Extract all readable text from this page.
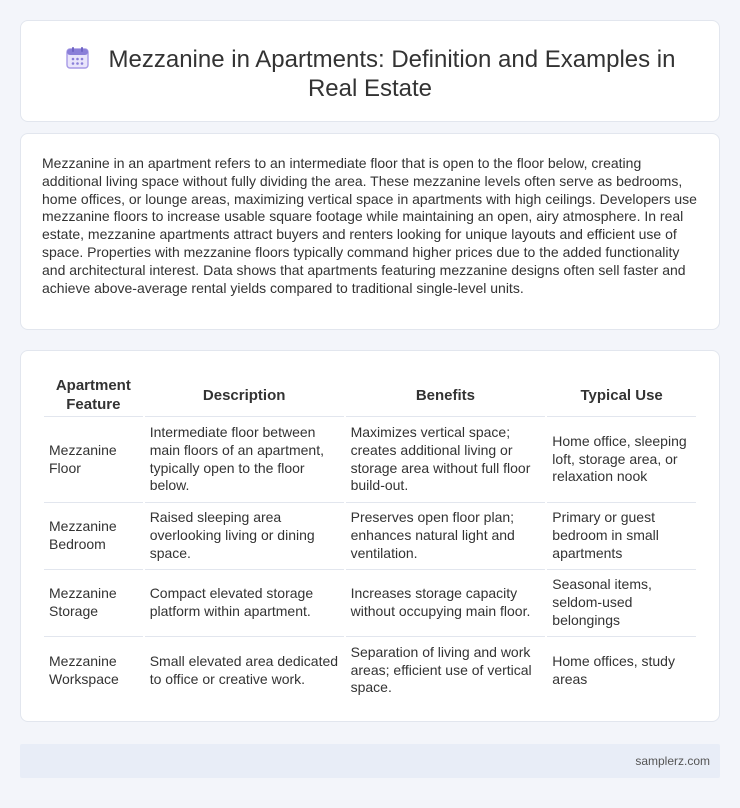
Mezzanine in Apartments: Definition and Examples in Real Estate

Mezzanine in an apartment refers to an intermediate floor that is open to the floor below, creating additional living space without fully dividing the area. These mezzanine levels often serve as bedrooms, home offices, or lounge areas, maximizing vertical space in apartments with high ceilings. Developers use mezzanine floors to increase usable square footage while maintaining an open, airy atmosphere. In real estate, mezzanine apartments attract buyers and renters looking for unique layouts and efficient use of space. Properties with mezzanine floors typically command higher prices due to the added functionality and architectural interest. Data shows that apartments featuring mezzanine designs often sell faster and achieve above-average rental yields compared to traditional single-level units.

Apartment Feature	Description	Benefits	Typical Use
Mezzanine Floor	Intermediate floor between main floors of an apartment, typically open to the floor below.	Maximizes vertical space; creates additional living or storage area without full floor build-out.	Home office, sleeping loft, storage area, or relaxation nook
Mezzanine Bedroom	Raised sleeping area overlooking living or dining space.	Preserves open floor plan; enhances natural light and ventilation.	Primary or guest bedroom in small apartments
Mezzanine Storage	Compact elevated storage platform within apartment.	Increases storage capacity without occupying main floor.	Seasonal items, seldom-used belongings
Mezzanine Workspace	Small elevated area dedicated to office or creative work.	Separation of living and work areas; efficient use of vertical space.	Home offices, study areas
samplerz.com
